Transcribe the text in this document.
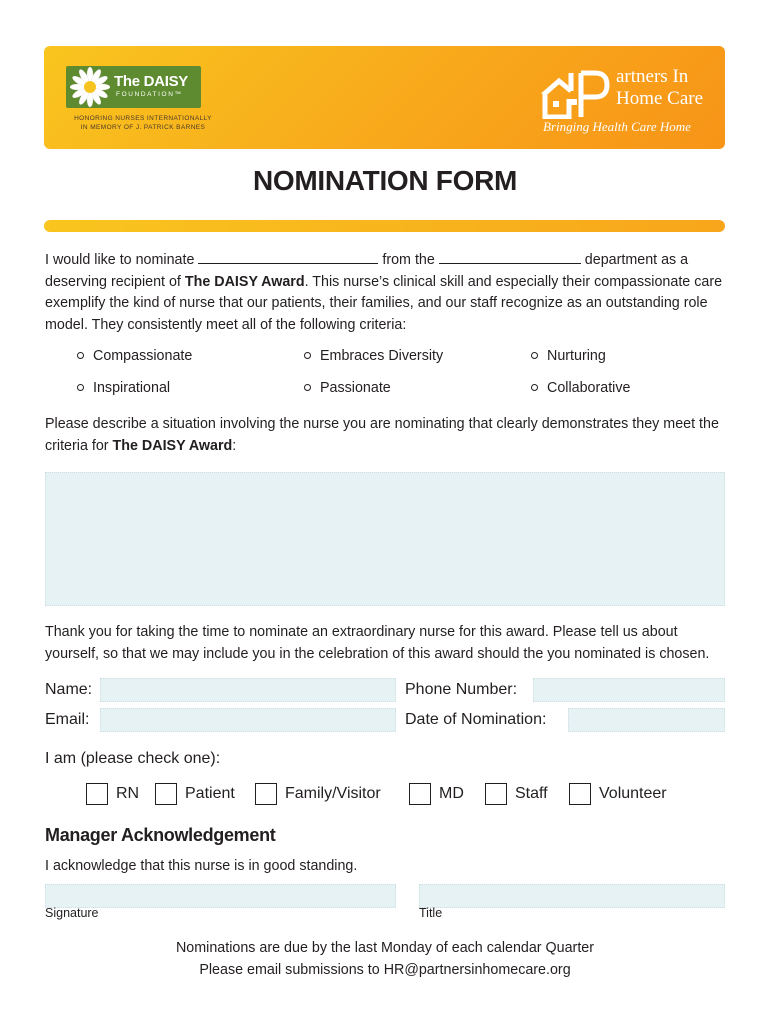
The DAISY
FOUNDATION™
HONORING NURSES INTERNATIONALLY
IN MEMORY OF J. PATRICK BARNES
artners In
Home Care
Bringing Health Care Home
NOMINATION FORM
I would like to nominate	from the	department as a
deserving recipient of The DAISY Award. This nurse’s clinical skill and especially their compassionate care
exemplify the kind of nurse that our patients, their families, and our staff recognize as an outstanding role
model. They consistently meet all of the following criteria:
Compassionate	Embraces Diversity	Nurturing
Inspirational	Passionate	Collaborative
Please describe a situation involving the nurse you are nominating that clearly demonstrates they meet the
criteria for The DAISY Award:
Thank you for taking the time to nominate an extraordinary nurse for this award. Please tell us about
yourself, so that we may include you in the celebration of this award should the you nominated is chosen.
Name:	Phone Number:
Email:	Date of Nomination:
I am (please check one):
RN	Patient	Family/Visitor	MD	Staff	Volunteer
Manager Acknowledgement
I acknowledge that this nurse is in good standing.
Signature	Title
Nominations are due by the last Monday of each calendar Quarter
Please email submissions to HR@partnersinhomecare.org
